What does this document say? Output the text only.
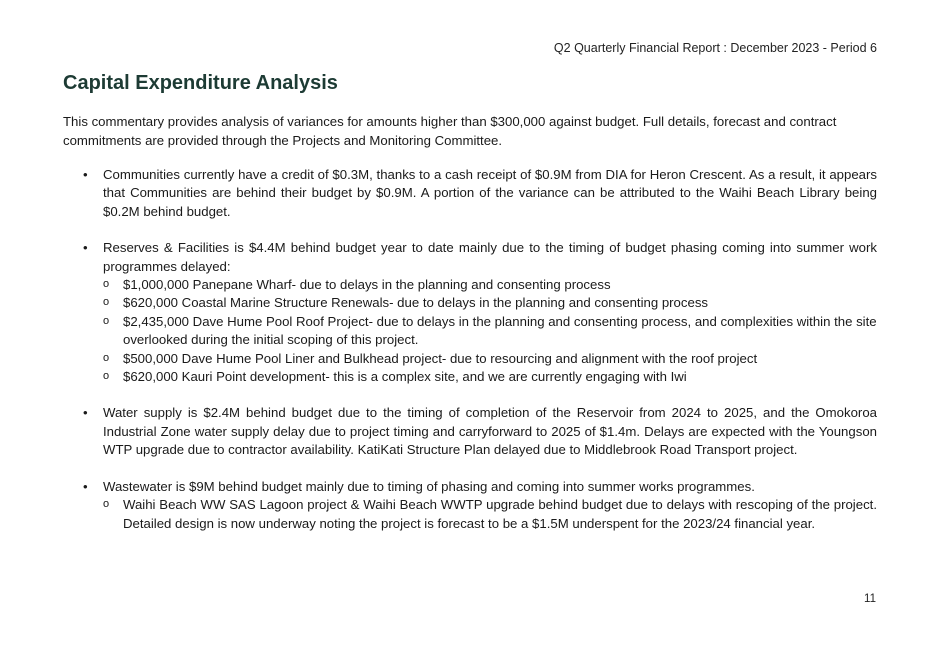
Q2 Quarterly Financial Report : December 2023 - Period 6
Capital Expenditure Analysis

This commentary provides analysis of variances for amounts higher than $300,000 against budget. Full details, forecast and contract commitments are provided through the Projects and Monitoring Committee.

• Communities currently have a credit of $0.3M, thanks to a cash receipt of $0.9M from DIA for Heron Crescent. As a result, it appears that Communities are behind their budget by $0.9M. A portion of the variance can be attributed to the Waihi Beach Library being $0.2M behind budget.
• Reserves & Facilities is $4.4M behind budget year to date mainly due to the timing of budget phasing coming into summer work programmes delayed:
o $1,000,000 Panepane Wharf- due to delays in the planning and consenting process
o $620,000 Coastal Marine Structure Renewals- due to delays in the planning and consenting process
o $2,435,000 Dave Hume Pool Roof Project- due to delays in the planning and consenting process, and complexities within the site overlooked during the initial scoping of this project.
o $500,000 Dave Hume Pool Liner and Bulkhead project- due to resourcing and alignment with the roof project
o $620,000 Kauri Point development- this is a complex site, and we are currently engaging with Iwi
• Water supply is $2.4M behind budget due to the timing of completion of the Reservoir from 2024 to 2025, and the Omokoroa Industrial Zone water supply delay due to project timing and carryforward to 2025 of $1.4m. Delays are expected with the Youngson WTP upgrade due to contractor availability. KatiKati Structure Plan delayed due to Middlebrook Road Transport project.
• Wastewater is $9M behind budget mainly due to timing of phasing and coming into summer works programmes.
o Waihi Beach WW SAS Lagoon project & Waihi Beach WWTP upgrade behind budget due to delays with rescoping of the project. Detailed design is now underway noting the project is forecast to be a $1.5M underspent for the 2023/24 financial year.
11
